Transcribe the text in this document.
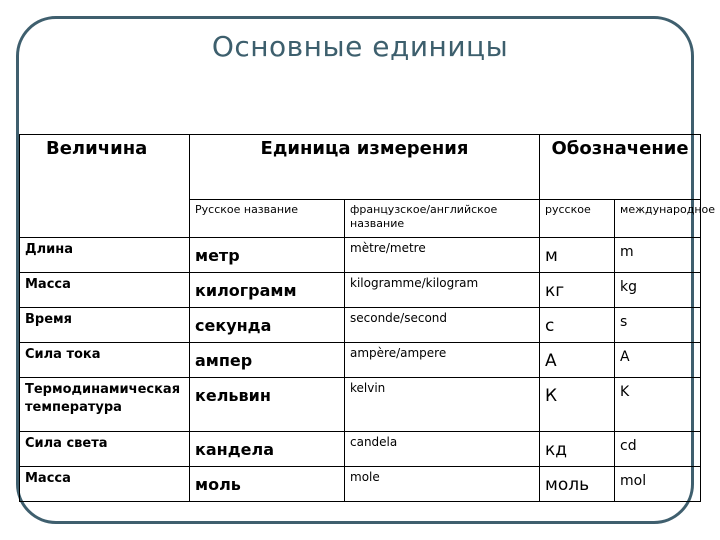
Основные единицы
Величина	Единица измерения		Обозначение	
	Русское название	французское/английское название	русское	международное
Длина	метр	mètre/metre	м	m
Масса	килограмм	kilogramme/kilogram	кг	kg
Время	секунда	seconde/second	с	s
Сила тока	ампер	ampère/ampere	А	A
Термодинамическая температура	кельвин	kelvin	К	K
Сила света	кандела	candela	кд	cd
Масса	моль	mole	моль	mol
